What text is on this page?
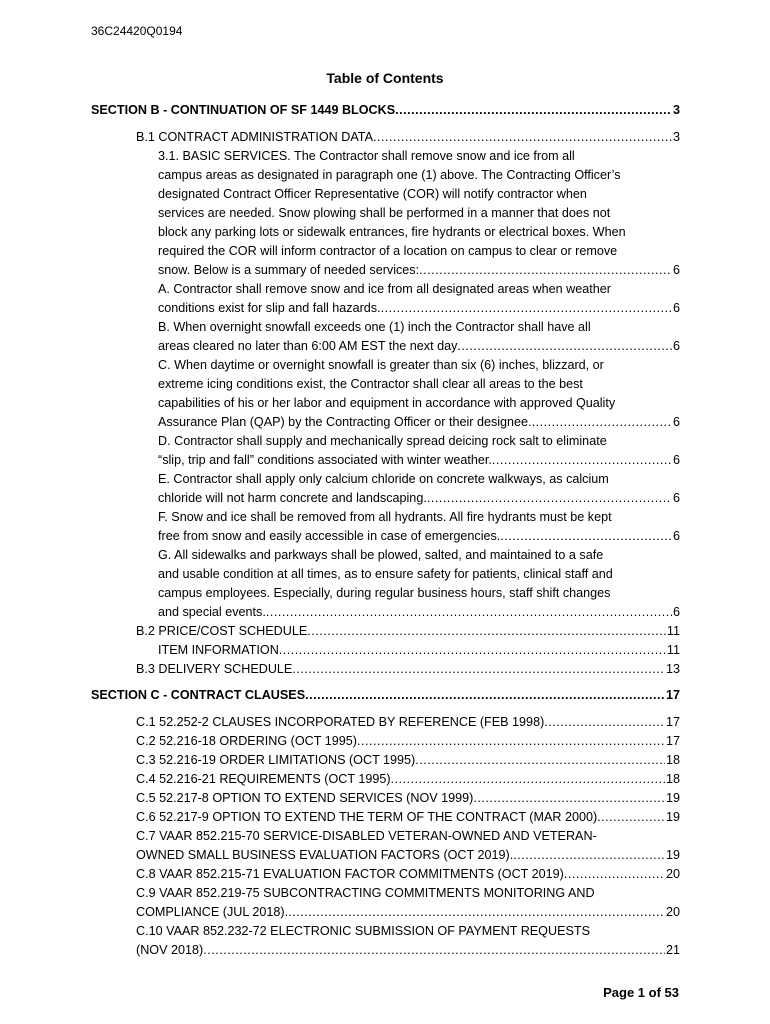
36C24420Q0194
Table of Contents
SECTION B - CONTINUATION OF SF 1449 BLOCKS .....	3
B.1 CONTRACT ADMINISTRATION DATA .....	3
3.1. BASIC SERVICES. The Contractor shall remove snow and ice from all
campus areas as designated in paragraph one (1) above. The Contracting Officer’s
designated Contract Officer Representative (COR) will notify contractor when
services are needed. Snow plowing shall be performed in a manner that does not
block any parking lots or sidewalk entrances, fire hydrants or electrical boxes. When
required the COR will inform contractor of a location on campus to clear or remove
snow. Below is a summary of needed services: .....	6
A. Contractor shall remove snow and ice from all designated areas when weather
conditions exist for slip and fall hazards. .....	6
B. When overnight snowfall exceeds one (1) inch the Contractor shall have all
areas cleared no later than 6:00 AM EST the next day .....	6
C. When daytime or overnight snowfall is greater than six (6) inches, blizzard, or
extreme icing conditions exist, the Contractor shall clear all areas to the best
capabilities of his or her labor and equipment in accordance with approved Quality
Assurance Plan (QAP) by the Contracting Officer or their designee. .....	6
D. Contractor shall supply and mechanically spread deicing rock salt to eliminate
“slip, trip and fall” conditions associated with winter weather. .....	6
E. Contractor shall apply only calcium chloride on concrete walkways, as calcium
chloride will not harm concrete and landscaping. .....	6
F. Snow and ice shall be removed from all hydrants. All fire hydrants must be kept
free from snow and easily accessible in case of emergencies. .....	6
G. All sidewalks and parkways shall be plowed, salted, and maintained to a safe
and usable condition at all times, as to ensure safety for patients, clinical staff and
campus employees. Especially, during regular business hours, staff shift changes
and special events. .....	6
B.2 PRICE/COST SCHEDULE .....	11
ITEM INFORMATION .....	11
B.3 DELIVERY SCHEDULE .....	13
SECTION C - CONTRACT CLAUSES .....	17
C.1 52.252-2 CLAUSES INCORPORATED BY REFERENCE (FEB 1998) .....	17
C.2 52.216-18 ORDERING (OCT 1995) .....	17
C.3 52.216-19 ORDER LIMITATIONS (OCT 1995) .....	18
C.4 52.216-21 REQUIREMENTS (OCT 1995) .....	18
C.5 52.217-8 OPTION TO EXTEND SERVICES (NOV 1999) .....	19
C.6 52.217-9 OPTION TO EXTEND THE TERM OF THE CONTRACT (MAR 2000) .....	19
C.7 VAAR 852.215-70 SERVICE-DISABLED VETERAN-OWNED AND VETERAN-
OWNED SMALL BUSINESS EVALUATION FACTORS (OCT 2019). .....	19
C.8 VAAR 852.215-71 EVALUATION FACTOR COMMITMENTS (OCT 2019) .....	20
C.9 VAAR 852.219-75 SUBCONTRACTING COMMITMENTS MONITORING AND
COMPLIANCE (JUL 2018). .....	20
C.10 VAAR 852.232-72 ELECTRONIC SUBMISSION OF PAYMENT REQUESTS
(NOV 2018) .....	21
Page 1 of 53
